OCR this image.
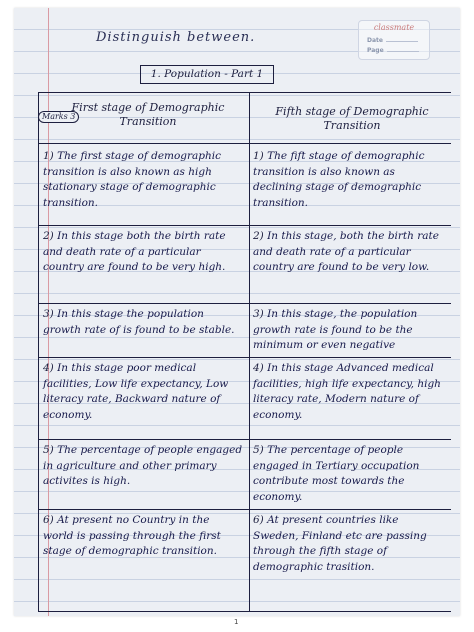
classmate
Date
Page
Distinguish between.
1. Population - Part 1
Marks 3
First stage of Demographic Transition
Fifth stage of Demographic Transition
1) The first stage of demographic transition is also known as high stationary stage of demographic transition.
1) The fift stage of demographic transition is also known as declining stage of demographic transition.
2) In this stage both the birth rate and death rate of a particular country are found to be very high.
2) In this stage, both the birth rate and death rate of a particular country are found to be very low.
3) In this stage the population growth rate of is found to be stable.
3) In this stage, the population growth rate is found to be the minimum or even negative
4) In this stage poor medical facilities, Low life expectancy, Low literacy rate, Backward nature of economy.
4) In this stage Advanced medical facilities, high life expectancy, high literacy rate, Modern nature of economy.
5) The percentage of people engaged in agriculture and other primary activites is high.
5) The percentage of people engaged in Tertiary occupation contribute most towards the economy.
6) At present no Country in the world is passing through the first stage of demographic transition.
6) At present countries like Sweden, Finland etc are passing through the fifth stage of demographic trasition.
1
